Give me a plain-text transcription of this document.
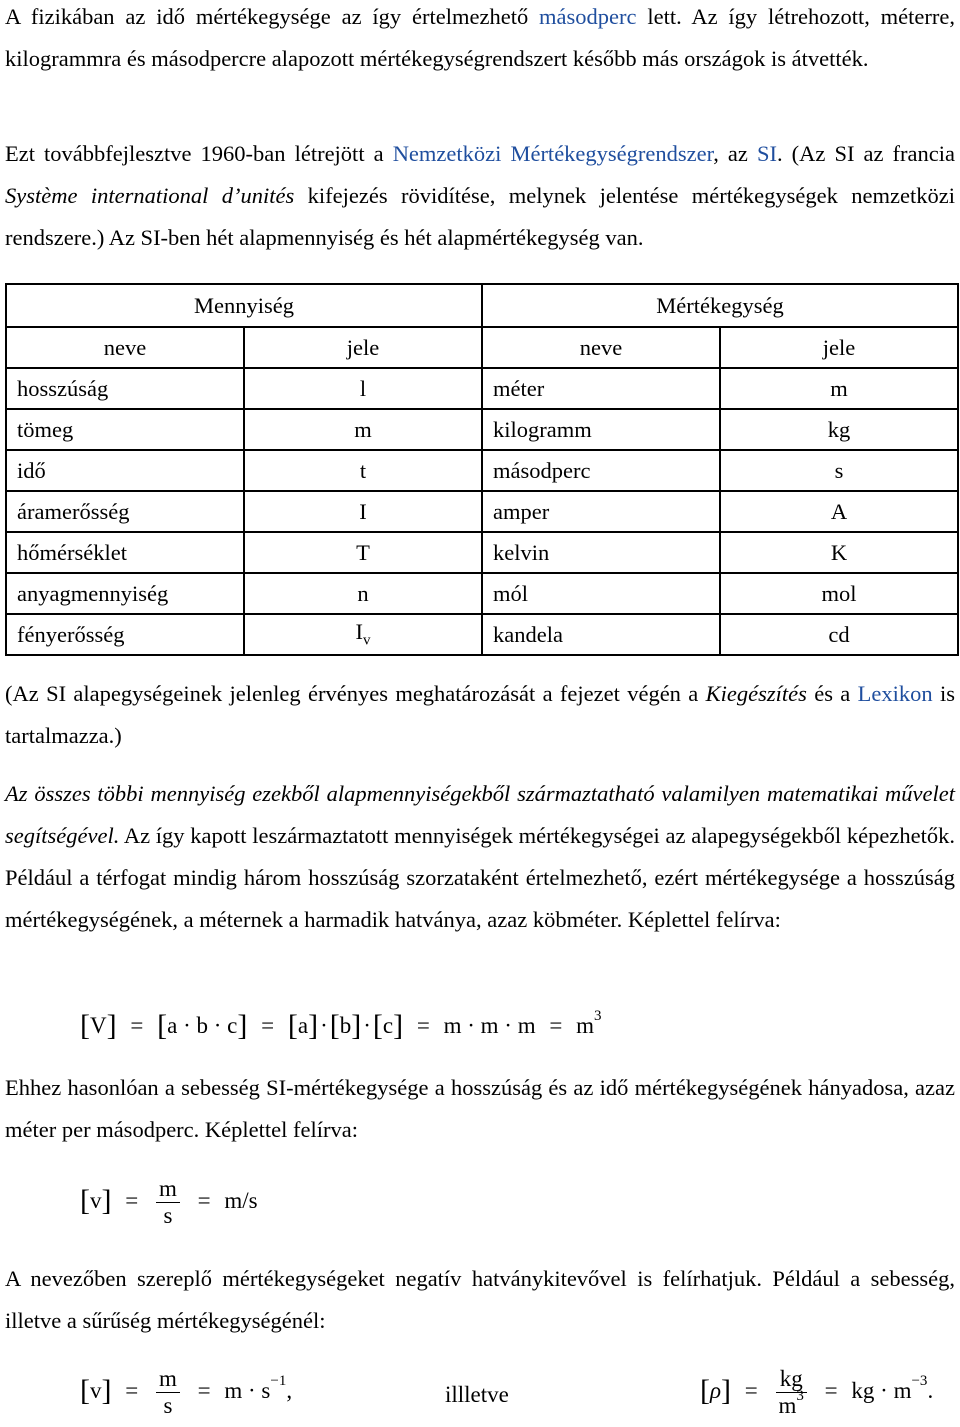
A fizikában az idő mértékegysége az így értelmezhető másodperc lett. Az így létrehozott, méterre, kilogrammra és másodpercre alapozott mértékegységrendszert később más országok is átvették.

Ezt továbbfejlesztve 1960-ban létrejött a Nemzetközi Mértékegységrendszer, az SI. (Az SI az francia Système international d’unités kifejezés rövidítése, melynek jelentése mértékegységek nemzetközi rendszere.) Az SI-ben hét alapmennyiség és hét alapmértékegység van.

Mennyiség		Mértékegység	
neve	jele	neve	jele
hosszúság	l	méter	m
tömeg	m	kilogramm	kg
idő	t	másodperc	s
áramerősség	I	amper	A
hőmérséklet	T	kelvin	K
anyagmennyiség	n	mól	mol
fényerősség	$I_v$	kandela	cd

(Az SI alapegységeinek jelenleg érvényes meghatározását a fejezet végén a Kiegészítés és a Lexikon is tartalmazza.)

Az összes többi mennyiség ezekből alapmennyiségekből származtatható valamilyen matematikai művelet segítségével. Az így kapott leszármaztatott mennyiségek mértékegységei az alapegységekből képezhetők. Például a térfogat mindig három hosszúság szorzataként értelmezhető, ezért mértékegysége a hosszúság mértékegységének, a méternek a harmadik hatványa, azaz köbméter. Képlettel felírva:

$[V] = [a \cdot b \cdot c] = [a]\cdot[b]\cdot[c] = m \cdot m \cdot m = m^3$

Ehhez hasonlóan a sebesség SI-mértékegysége a hosszúság és az idő mértékegységének hányadosa, azaz méter per másodperc. Képlettel felírva:

$[v] = \frac{m}{s} = m/s$

A nevezőben szereplő mértékegységeket negatív hatványkitevővel is felírhatjuk. Például a sebesség, illetve a sűrűség mértékegységénél:

$[v] = \frac{m}{s} = m \cdot s^{-1}$,	illletve	$[\rho] = \frac{kg}{m^3}$ = kg · $m^{-3}$.
